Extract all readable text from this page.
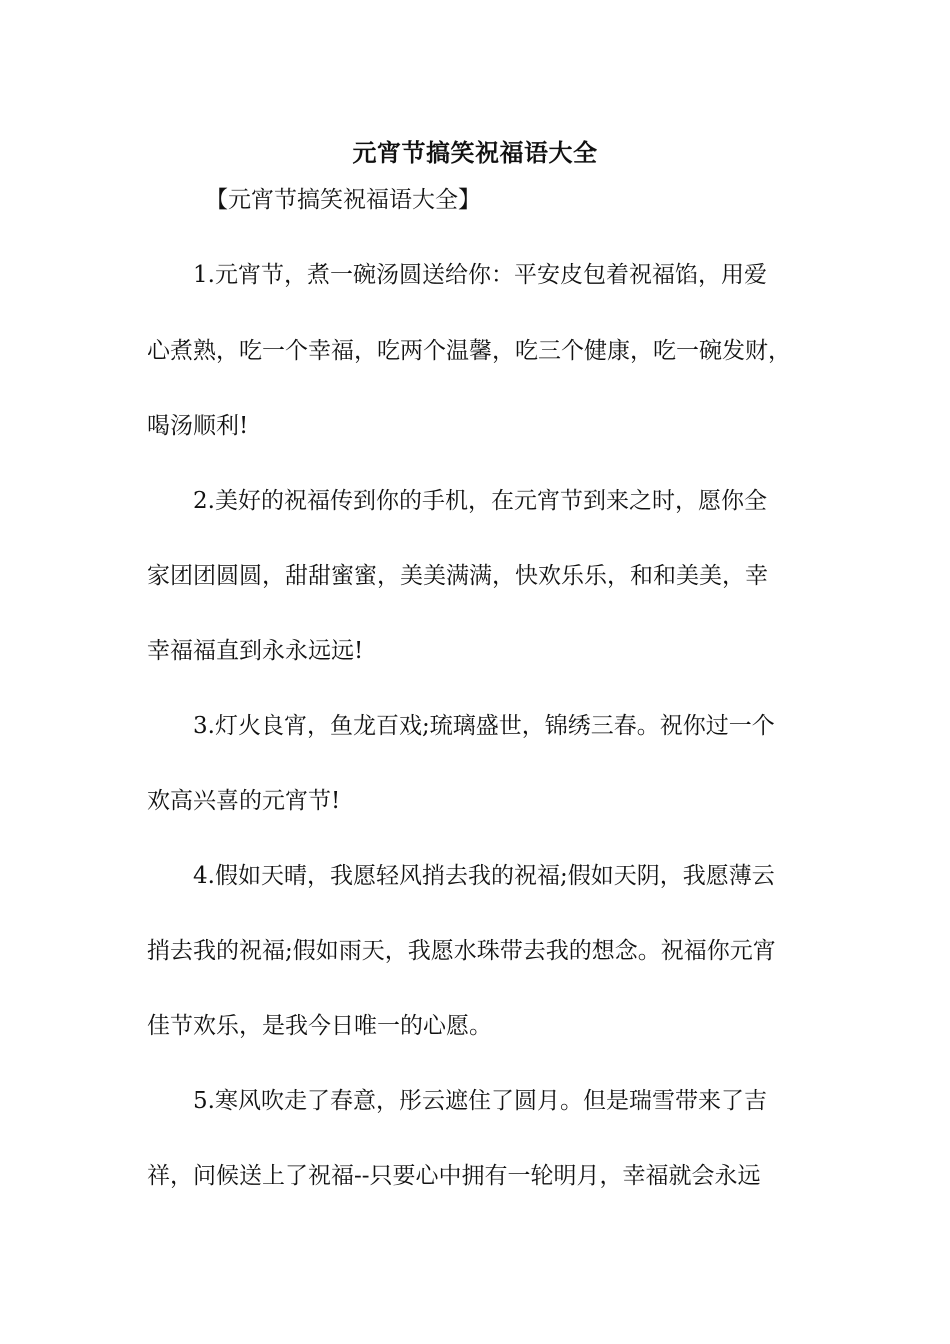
元宵节搞笑祝福语大全
【元宵节搞笑祝福语大全】
1.元宵节，煮一碗汤圆送给你：平安皮包着祝福馅，用爱
心煮熟，吃一个幸福，吃两个温馨，吃三个健康，吃一碗发财，
喝汤顺利!
2.美好的祝福传到你的手机，在元宵节到来之时，愿你全
家团团圆圆，甜甜蜜蜜，美美满满，快欢乐乐，和和美美，幸
幸福福直到永永远远!
3.灯火良宵，鱼龙百戏;琉璃盛世，锦绣三春。祝你过一个
欢高兴喜的元宵节!
4.假如天晴，我愿轻风捎去我的祝福;假如天阴，我愿薄云
捎去我的祝福;假如雨天，我愿水珠带去我的想念。祝福你元宵
佳节欢乐，是我今日唯一的心愿。
5.寒风吹走了春意，彤云遮住了圆月。但是瑞雪带来了吉
祥，问候送上了祝福--只要心中拥有一轮明月，幸福就会永远
